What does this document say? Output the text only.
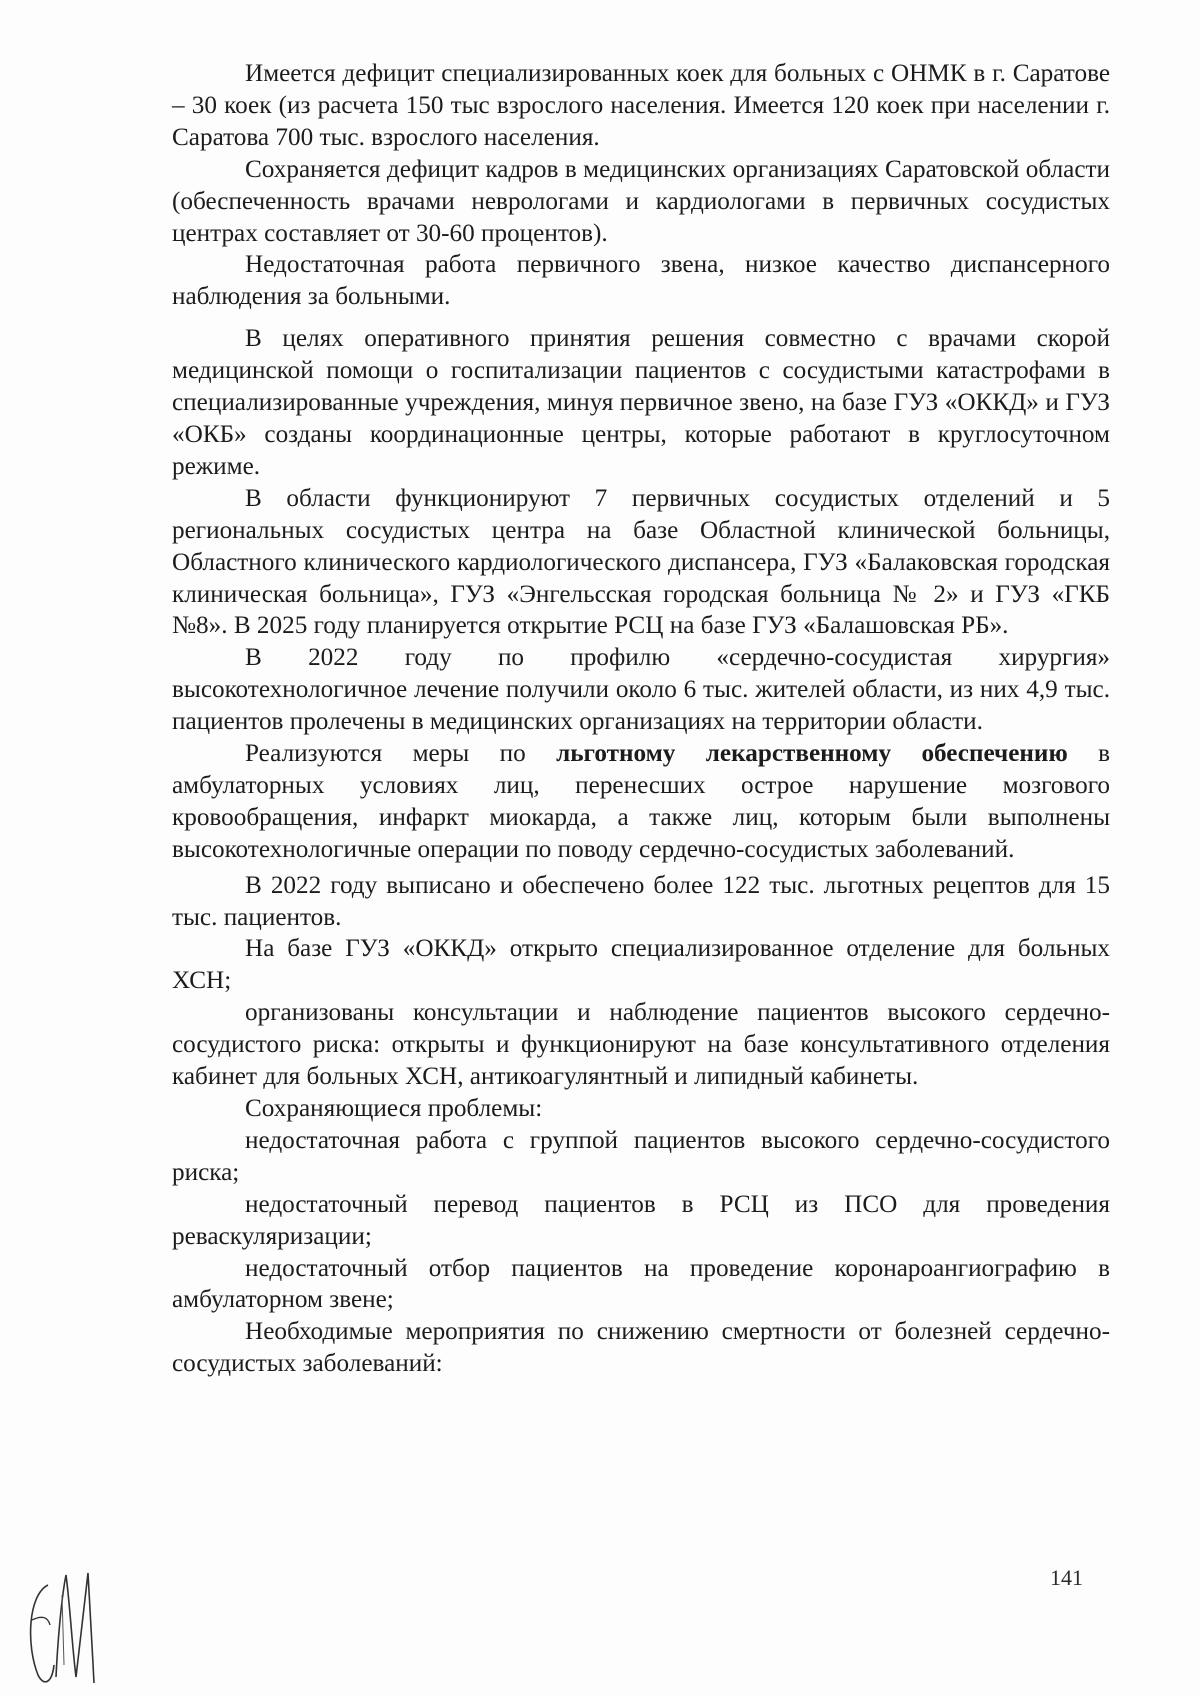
Имеется дефицит специализированных коек для больных с ОНМК в г. Саратове – 30 коек (из расчета 150 тыс взрослого населения. Имеется 120 коек при населении г. Саратова 700 тыс. взрослого населения.

Сохраняется дефицит кадров в медицинских организациях Саратовской области (обеспеченность врачами неврологами и кардиологами в первичных сосудистых центрах составляет от 30-60 процентов).

Недостаточная работа первичного звена, низкое качество диспансерного наблюдения за больными.

В целях оперативного принятия решения совместно с врачами скорой медицинской помощи о госпитализации пациентов с сосудистыми катастрофами в специализированные учреждения, минуя первичное звено, на базе ГУЗ «ОККД» и ГУЗ «ОКБ» созданы координационные центры, которые работают в круглосуточном режиме.

В области функционируют 7 первичных сосудистых отделений и 5 региональных сосудистых центра на базе Областной клинической больницы, Областного клинического кардиологического диспансера, ГУЗ «Балаковская городская клиническая больница», ГУЗ «Энгельсская городская больница № 2» и ГУЗ «ГКБ №8». В 2025 году планируется открытие РСЦ на базе ГУЗ «Балашовская РБ».

В 2022 году по профилю «сердечно-сосудистая хирургия» высокотехнологичное лечение получили около 6 тыс. жителей области, из них 4,9 тыс. пациентов пролечены в медицинских организациях на территории области.

Реализуются меры по льготному лекарственному обеспечению в амбулаторных условиях лиц, перенесших острое нарушение мозгового кровообращения, инфаркт миокарда, а также лиц, которым были выполнены высокотехнологичные операции по поводу сердечно-сосудистых заболеваний.

В 2022 году выписано и обеспечено более 122 тыс. льготных рецептов для 15 тыс. пациентов.

На базе ГУЗ «ОККД» открыто специализированное отделение для больных ХСН;

организованы консультации и наблюдение пациентов высокого сердечно-сосудистого риска: открыты и функционируют на базе консультативного отделения кабинет для больных ХСН, антикоагулянтный и липидный кабинеты.

Сохраняющиеся проблемы:

недостаточная работа с группой пациентов высокого сердечно-сосудистого риска;

недостаточный перевод пациентов в РСЦ из ПСО для проведения реваскуляризации;

недостаточный отбор пациентов на проведение коронароангиографию в амбулаторном звене;

Необходимые мероприятия по снижению смертности от болезней сердечно-сосудистых заболеваний:

141
